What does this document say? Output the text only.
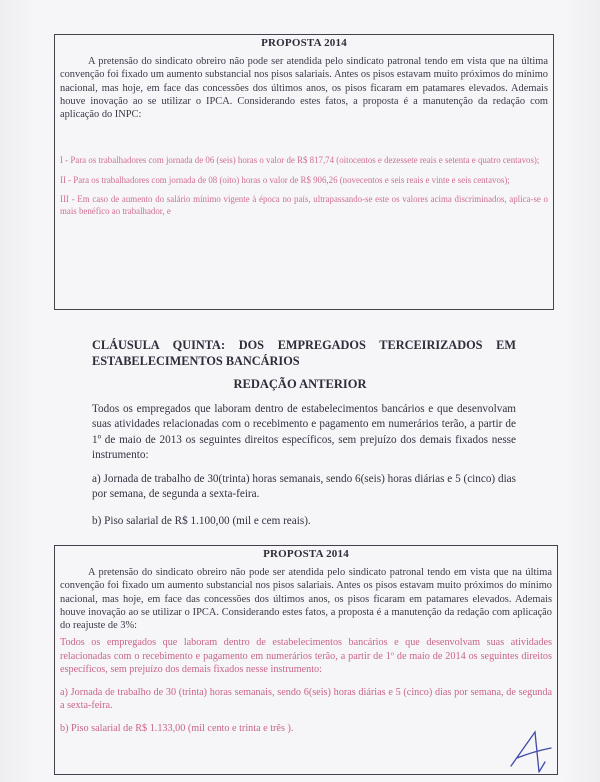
PROPOSTA 2014

A pretensão do sindicato obreiro não pode ser atendida pelo sindicato patronal tendo em vista que na última convenção foi fixado um aumento substancial nos pisos salariais. Antes os pisos estavam muito próximos do mínimo nacional, mas hoje, em face das concessões dos últimos anos, os pisos ficaram em patamares elevados. Ademais houve inovação ao se utilizar o IPCA. Considerando estes fatos, a proposta é a manutenção da redação com aplicação do INPC:

I - Para os trabalhadores com jornada de 06 (seis) horas o valor de R$ 817,74 (oitocentos e dezessete reais e setenta e quatro centavos);

II - Para os trabalhadores com jornada de 08 (oito) horas o valor de R$ 906,26 (novecentos e seis reais e vinte e seis centavos);

III - Em caso de aumento do salário mínimo vigente à época no país, ultrapassando-se este os valores acima discriminados, aplica-se o mais benéfico ao trabalhador, e

CLÁUSULA QUINTA: DOS EMPREGADOS TERCEIRIZADOS EM ESTABELECIMENTOS BANCÁRIOS
REDAÇÃO ANTERIOR
Todos os empregados que laboram dentro de estabelecimentos bancários e que desenvolvam suas atividades relacionadas com o recebimento e pagamento em numerários terão, a partir de 1º de maio de 2013 os seguintes direitos específicos, sem prejuízo dos demais fixados nesse instrumento:
a) Jornada de trabalho de 30(trinta) horas semanais, sendo 6(seis) horas diárias e 5 (cinco) dias por semana, de segunda a sexta-feira.
b) Piso salarial de R$ 1.100,00 (mil e cem reais).
PROPOSTA 2014

A pretensão do sindicato obreiro não pode ser atendida pelo sindicato patronal tendo em vista que na última convenção foi fixado um aumento substancial nos pisos salariais. Antes os pisos estavam muito próximos do mínimo nacional, mas hoje, em face das concessões dos últimos anos, os pisos ficaram em patamares elevados. Ademais houve inovação ao se utilizar o IPCA. Considerando estes fatos, a proposta é a manutenção da redação com aplicação do reajuste de 3%:

Todos os empregados que laboram dentro de estabelecimentos bancários e que desenvolvam suas atividades relacionadas com o recebimento e pagamento em numerários terão, a partir de 1º de maio de 2014 os seguintes direitos específicos, sem prejuízo dos demais fixados nesse instrumento:

a) Jornada de trabalho de 30 (trinta) horas semanais, sendo 6(seis) horas diárias e 5 (cinco) dias por semana, de segunda a sexta-feira.

b) Piso salarial de R$ 1.133,00 (mil cento e trinta e três ).
